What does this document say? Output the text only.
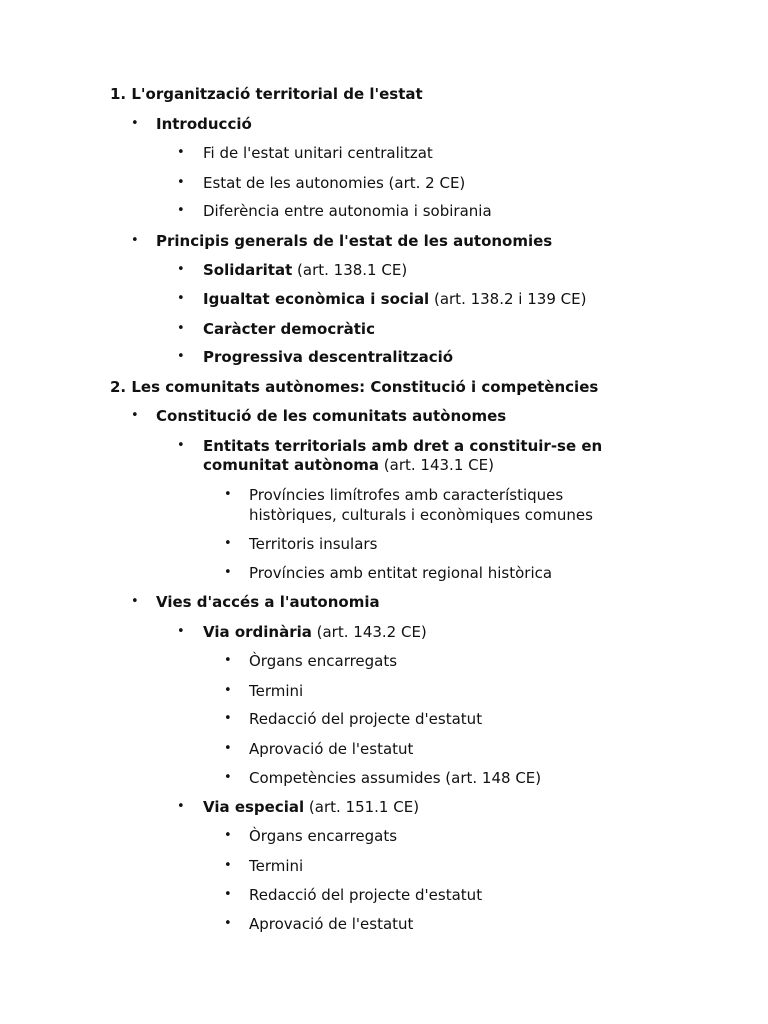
1. L'organització territorial de l'estat
• Introducció
• Fi de l'estat unitari centralitzat
• Estat de les autonomies (art. 2 CE)
• Diferència entre autonomia i sobirania
• Principis generals de l'estat de les autonomies
• Solidaritat (art. 138.1 CE)
• Igualtat econòmica i social (art. 138.2 i 139 CE)
• Caràcter democràtic
• Progressiva descentralització
2. Les comunitats autònomes: Constitució i competències
• Constitució de les comunitats autònomes
• Entitats territorials amb dret a constituir-se en
comunitat autònoma (art. 143.1 CE)
• Províncies limítrofes amb característiques
històriques, culturals i econòmiques comunes
• Territoris insulars
• Províncies amb entitat regional històrica
• Vies d'accés a l'autonomia
• Via ordinària (art. 143.2 CE)
• Òrgans encarregats
• Termini
• Redacció del projecte d'estatut
• Aprovació de l'estatut
• Competències assumides (art. 148 CE)
• Via especial (art. 151.1 CE)
• Òrgans encarregats
• Termini
• Redacció del projecte d'estatut
• Aprovació de l'estatut
